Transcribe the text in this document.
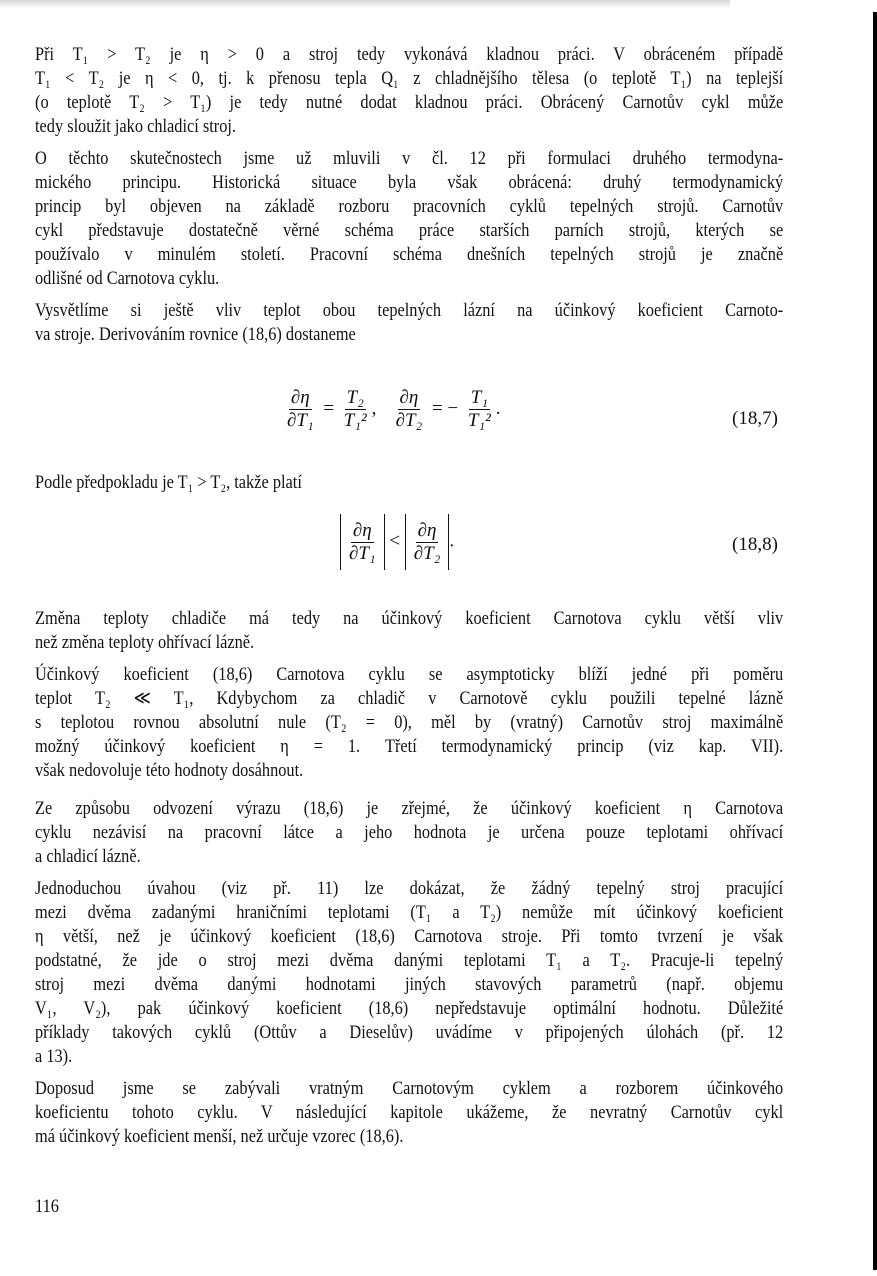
Při T₁ > T₂ je η > 0 a stroj tedy vykonává kladnou práci. V obráceném případě
T₁ < T₂ je η < 0, tj. k přenosu tepla Q₁ z chladnějšího tělesa (o teplotě T₁) na teplejší
(o teplotě T₂ > T₁) je tedy nutné dodat kladnou práci. Obrácený Carnotův cykl může
tedy sloužit jako chladicí stroj.
O těchto skutečnostech jsme už mluvili v čl. 12 při formulaci druhého termodyna-
mického principu. Historická situace byla však obrácená: druhý termodynamický
princip byl objeven na základě rozboru pracovních cyklů tepelných strojů. Carnotův
cykl představuje dostatečně věrné schéma práce starších parních strojů, kterých se
používalo v minulém století. Pracovní schéma dnešních tepelných strojů je značně
odlišné od Carnotova cyklu.
Vysvětlíme si ještě vliv teplot obou tepelných lázní na účinkový koeficient Carnoto-
va stroje. Derivováním rovnice (18,6) dostaneme
$\frac{\partial\eta}{\text{∂T₁}} = \frac{\text{T₂}}{\text{T₁²}}$ , $\frac{\partial\eta}{\text{∂T₂}}$ = − $\frac{\text{T₁}}{\text{T₁²}}$ .	(18,7)
Podle předpokladu je T₁ > T₂, takže platí
$\frac{\partial\eta}{\text{∂T₁}} < \frac{\partial\eta}{\text{∂T₂}}$ .	(18,8)
Změna teploty chladiče má tedy na účinkový koeficient Carnotova cyklu větší vliv
než změna teploty ohřívací lázně.
Účinkový koeficient (18,6) Carnotova cyklu se asymptoticky blíží jedné při poměru
teplot T₂ ≪ T₁, Kdybychom za chladič v Carnotově cyklu použili tepelné lázně
s teplotou rovnou absolutní nule (T₂ = 0), měl by (vratný) Carnotův stroj maximálně
možný účinkový koeficient η = 1. Třetí termodynamický princip (viz kap. VII).
však nedovoluje této hodnoty dosáhnout.
Ze způsobu odvození výrazu (18,6) je zřejmé, že účinkový koeficient η Carnotova
cyklu nezávisí na pracovní látce a jeho hodnota je určena pouze teplotami ohřívací
a chladicí lázně.
Jednoduchou úvahou (viz př. 11) lze dokázat, že žádný tepelný stroj pracující
mezi dvěma zadanými hraničními teplotami (T₁ a T₂) nemůže mít účinkový koeficient
η větší, než je účinkový koeficient (18,6) Carnotova stroje. Při tomto tvrzení je však
podstatné, že jde o stroj mezi dvěma danými teplotami T₁ a T₂. Pracuje-li tepelný
stroj mezi dvěma danými hodnotami jiných stavových parametrů (např. objemu
V₁, V₂), pak účinkový koeficient (18,6) nepředstavuje optimální hodnotu. Důležité
příklady takových cyklů (Ottův a Dieselův) uvádíme v připojených úlohách (př. 12
a 13).
Doposud jsme se zabývali vratným Carnotovým cyklem a rozborem účinkového
koeficientu tohoto cyklu. V následující kapitole ukážeme, že nevratný Carnotův cykl
má účinkový koeficient menší, než určuje vzorec (18,6).
116
